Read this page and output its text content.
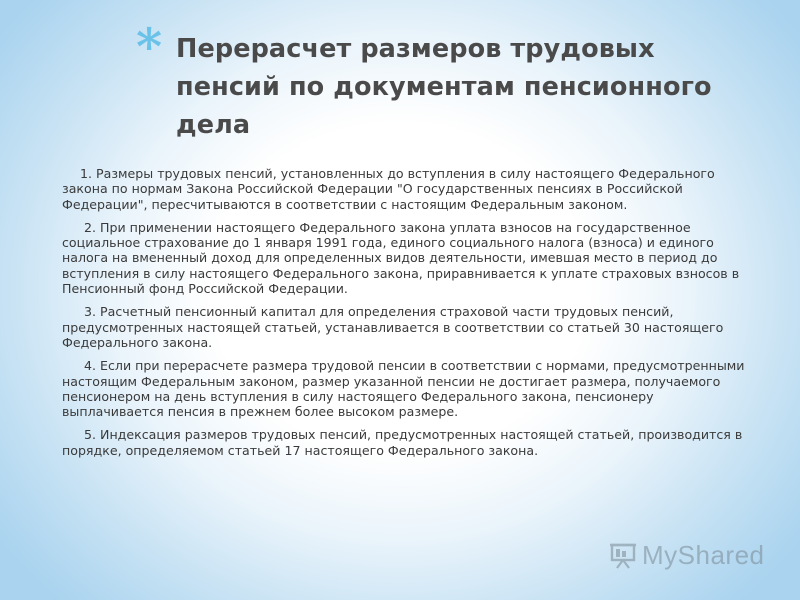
* Перерасчет размеров трудовых пенсий по документам пенсионного дела

1. Размеры трудовых пенсий, установленных до вступления в силу настоящего Федерального закона по нормам Закона Российской Федерации "О государственных пенсиях в Российской Федерации", пересчитываются в соответствии с настоящим Федеральным законом.

2. При применении настоящего Федерального закона уплата взносов на государственное социальное страхование до 1 января 1991 года, единого социального налога (взноса) и единого налога на вмененный доход для определенных видов деятельности, имевшая место в период до вступления в силу настоящего Федерального закона, приравнивается к уплате страховых взносов в Пенсионный фонд Российской Федерации.

3. Расчетный пенсионный капитал для определения страховой части трудовых пенсий, предусмотренных настоящей статьей, устанавливается в соответствии со статьей 30 настоящего Федерального закона.

4. Если при перерасчете размера трудовой пенсии в соответствии с нормами, предусмотренными настоящим Федеральным законом, размер указанной пенсии не достигает размера, получаемого пенсионером на день вступления в силу настоящего Федерального закона, пенсионеру выплачивается пенсия в прежнем более высоком размере.

5. Индексация размеров трудовых пенсий, предусмотренных настоящей статьей, производится в порядке, определяемом статьей 17 настоящего Федерального закона.

MyShared
